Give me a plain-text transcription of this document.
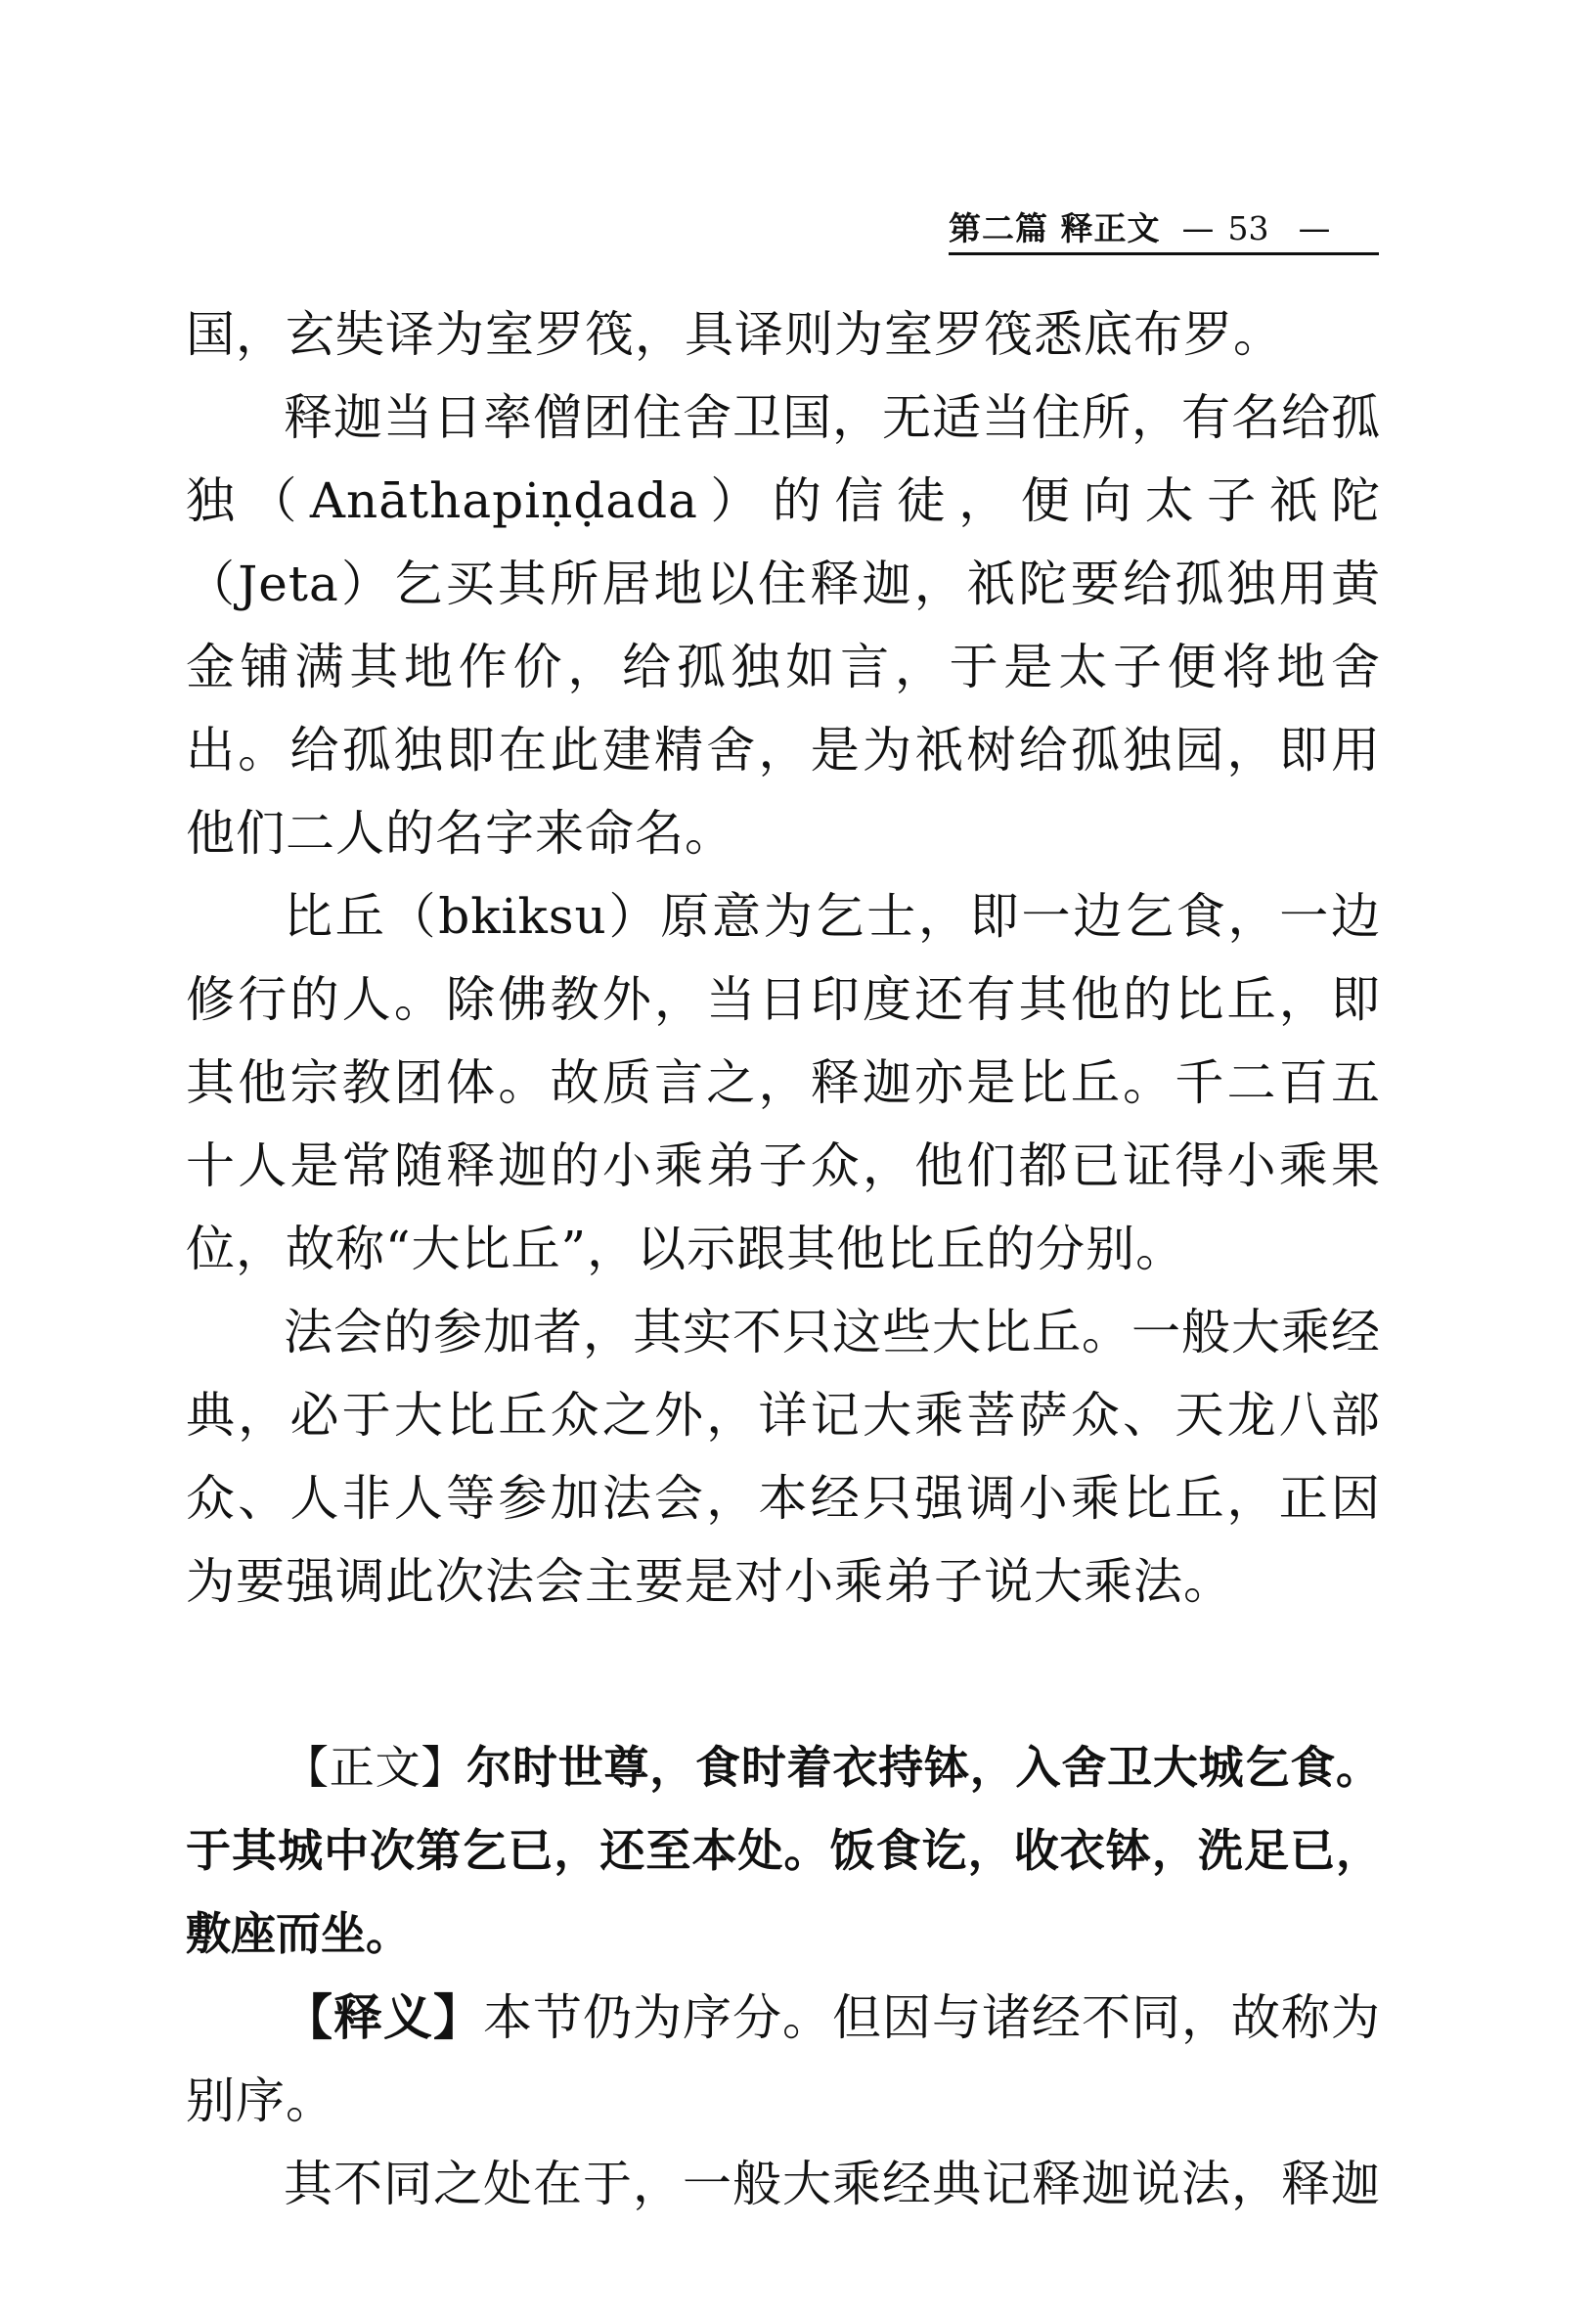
第二篇 释正文 — 53 —

国，玄奘译为室罗筏，具译则为室罗筏悉底布罗。

释迦当日率僧团住舍卫国，无适当住所，有名给孤独（Anāthapiṇḍada）的信徒，便向太子祇陀（Jeta）乞买其所居地以住释迦，祇陀要给孤独用黄金铺满其地作价，给孤独如言，于是太子便将地舍出。给孤独即在此建精舍，是为祇树给孤独园，即用他们二人的名字来命名。

比丘（bkiksu）原意为乞士，即一边乞食，一边修行的人。除佛教外，当日印度还有其他的比丘，即其他宗教团体。故质言之，释迦亦是比丘。千二百五十人是常随释迦的小乘弟子众，他们都已证得小乘果位，故称“大比丘”，以示跟其他比丘的分别。

法会的参加者，其实不只这些大比丘。一般大乘经典，必于大比丘众之外，详记大乘菩萨众、天龙八部众、人非人等参加法会，本经只强调小乘比丘，正因为要强调此次法会主要是对小乘弟子说大乘法。

【正文】尔时世尊，食时着衣持钵，入舍卫大城乞食。于其城中次第乞已，还至本处。饭食讫，收衣钵，洗足已，敷座而坐。

【释义】本节仍为序分。但因与诸经不同，故称为别序。

其不同之处在于，一般大乘经典记释迦说法，释迦
